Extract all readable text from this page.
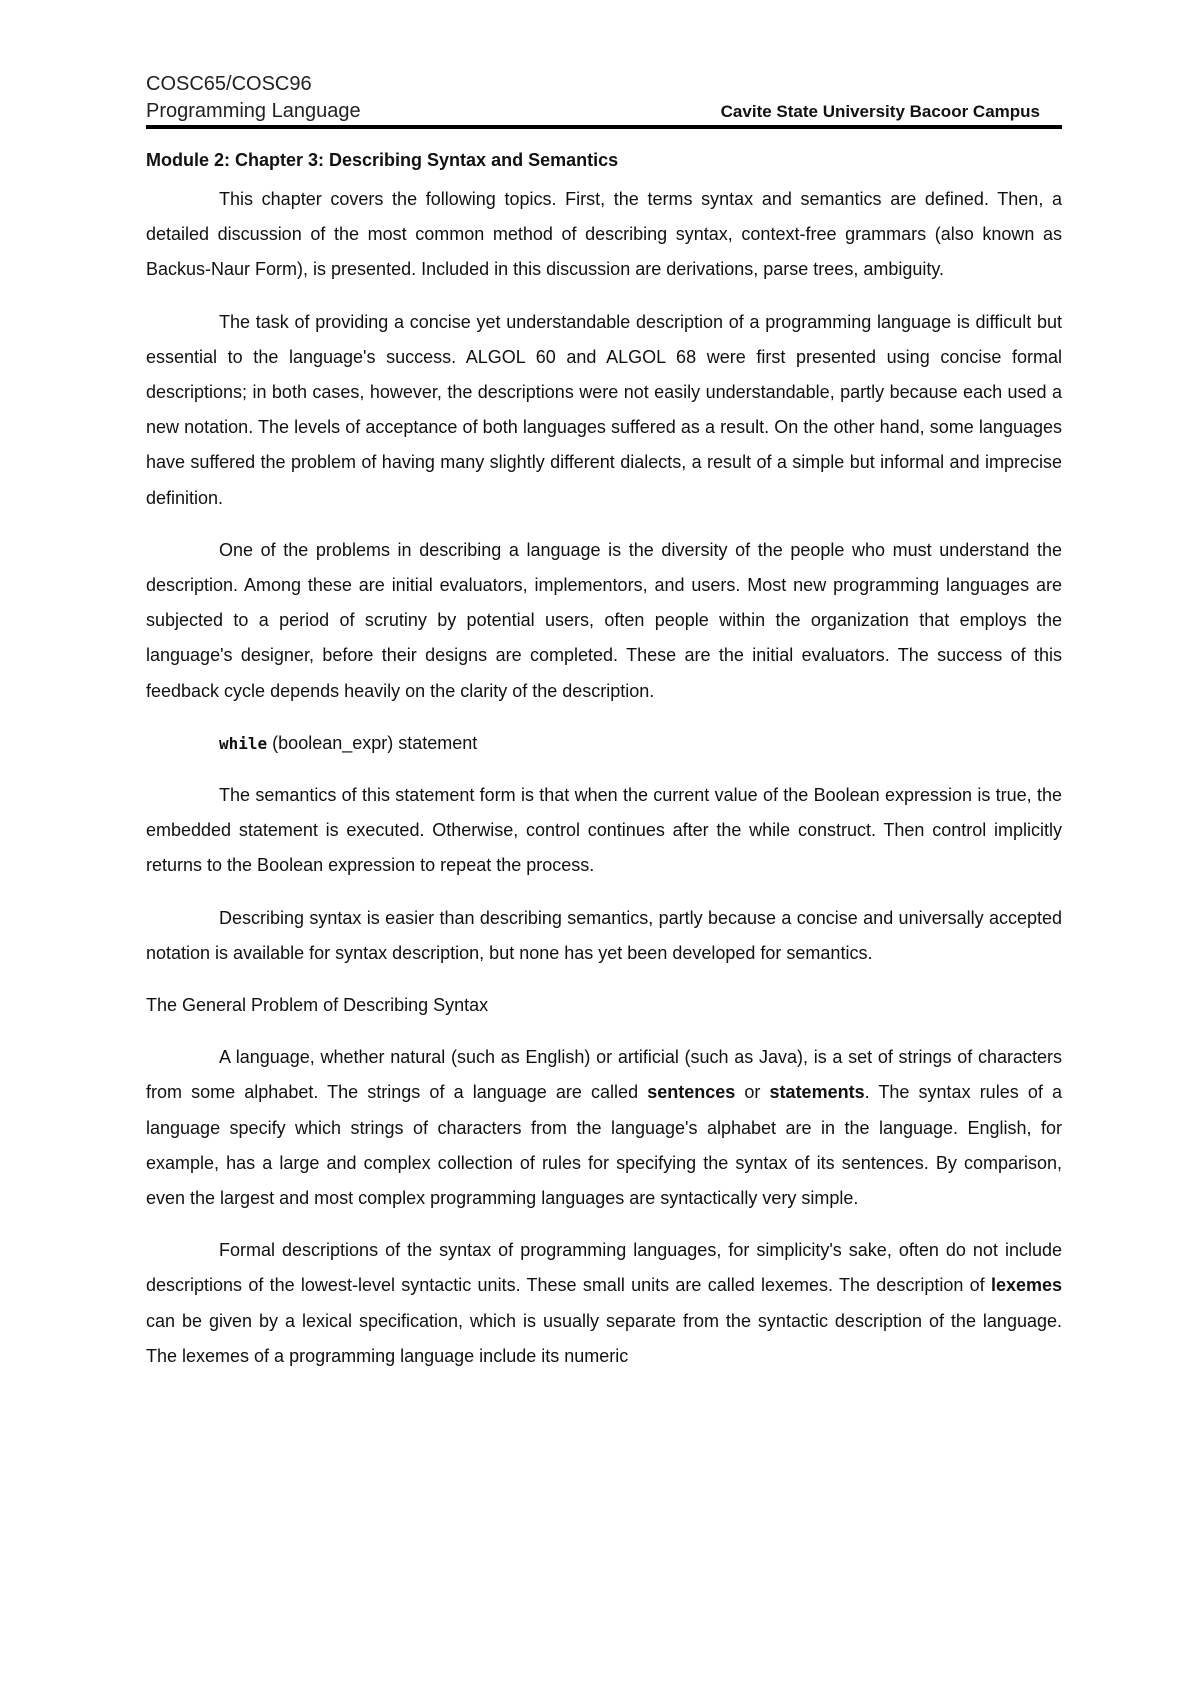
COSC65/COSC96
Programming Language	Cavite State University Bacoor Campus
Module 2: Chapter 3: Describing Syntax and Semantics

This chapter covers the following topics. First, the terms syntax and semantics are defined. Then, a detailed discussion of the most common method of describing syntax, context-free grammars (also known as Backus-Naur Form), is presented. Included in this discussion are derivations, parse trees, ambiguity.

The task of providing a concise yet understandable description of a programming language is difficult but essential to the language's success. ALGOL 60 and ALGOL 68 were first presented using concise formal descriptions; in both cases, however, the descriptions were not easily understandable, partly because each used a new notation. The levels of acceptance of both languages suffered as a result. On the other hand, some languages have suffered the problem of having many slightly different dialects, a result of a simple but informal and imprecise definition.

One of the problems in describing a language is the diversity of the people who must understand the description. Among these are initial evaluators, implementors, and users. Most new programming languages are subjected to a period of scrutiny by potential users, often people within the organization that employs the language's designer, before their designs are completed. These are the initial evaluators. The success of this feedback cycle depends heavily on the clarity of the description.

while (boolean_expr) statement

The semantics of this statement form is that when the current value of the Boolean expression is true, the embedded statement is executed. Otherwise, control continues after the while construct. Then control implicitly returns to the Boolean expression to repeat the process.

Describing syntax is easier than describing semantics, partly because a concise and universally accepted notation is available for syntax description, but none has yet been developed for semantics.

The General Problem of Describing Syntax

A language, whether natural (such as English) or artificial (such as Java), is a set of strings of characters from some alphabet. The strings of a language are called sentences or statements. The syntax rules of a language specify which strings of characters from the language's alphabet are in the language. English, for example, has a large and complex collection of rules for specifying the syntax of its sentences. By comparison, even the largest and most complex programming languages are syntactically very simple.

Formal descriptions of the syntax of programming languages, for simplicity's sake, often do not include descriptions of the lowest-level syntactic units. These small units are called lexemes. The description of lexemes can be given by a lexical specification, which is usually separate from the syntactic description of the language. The lexemes of a programming language include its numeric
